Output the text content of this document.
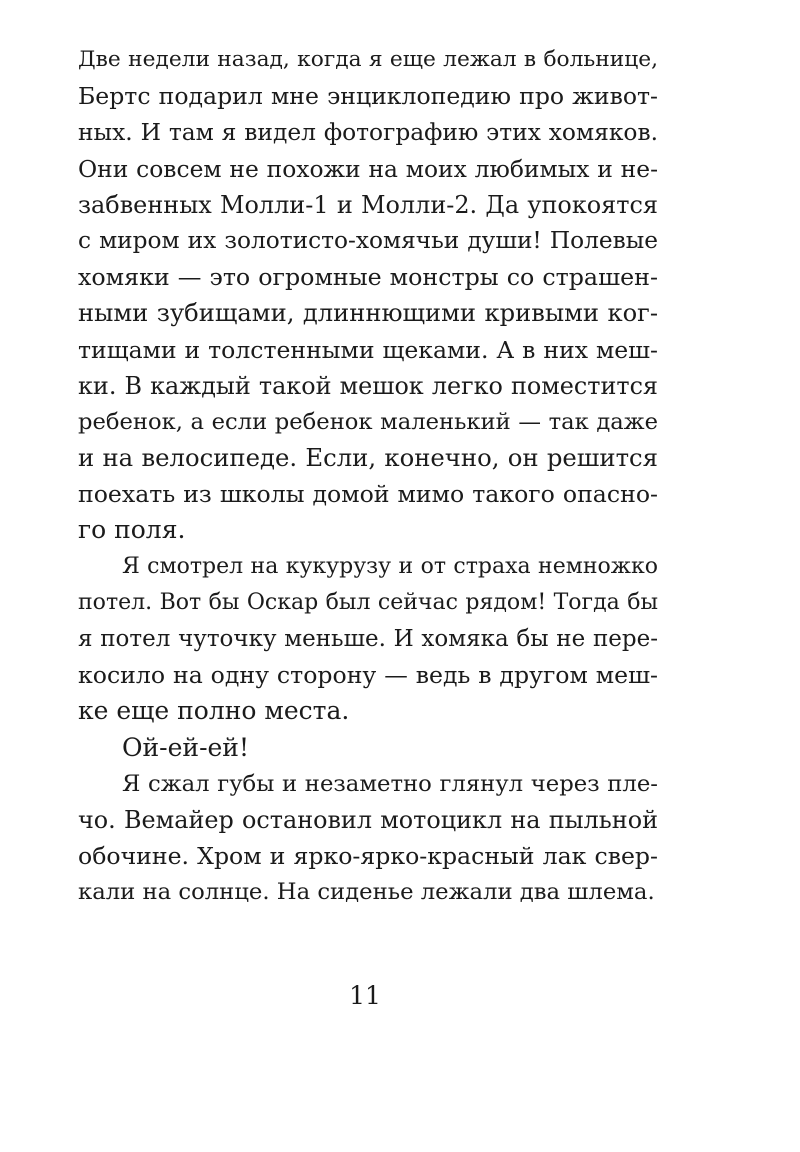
Две недели назад, когда я еще лежал в больнице,
Бертс подарил мне энциклопедию про живот-
ных. И там я видел фотографию этих хомяков.
Они совсем не похожи на моих любимых и не-
забвенных Молли-1 и Молли-2. Да упокоятся
с миром их золотисто-хомячьи души! Полевые
хомяки — это огромные монстры со страшен-
ными зубищами, длиннющими кривыми ког-
тищами и толстенными щеками. А в них меш-
ки. В каждый такой мешок легко поместится
ребенок, а если ребенок маленький — так даже
и на велосипеде. Если, конечно, он решится
поехать из школы домой мимо такого опасно-
го поля.
Я смотрел на кукурузу и от страха немножко
потел. Вот бы Оскар был сейчас рядом! Тогда бы
я потел чуточку меньше. И хомяка бы не пере-
косило на одну сторону — ведь в другом меш-
ке еще полно места.
Ой-ей-ей!
Я сжал губы и незаметно глянул через пле-
чо. Вемайер остановил мотоцикл на пыльной
обочине. Хром и ярко-ярко-красный лак свер-
кали на солнце. На сиденье лежали два шлема.
11
